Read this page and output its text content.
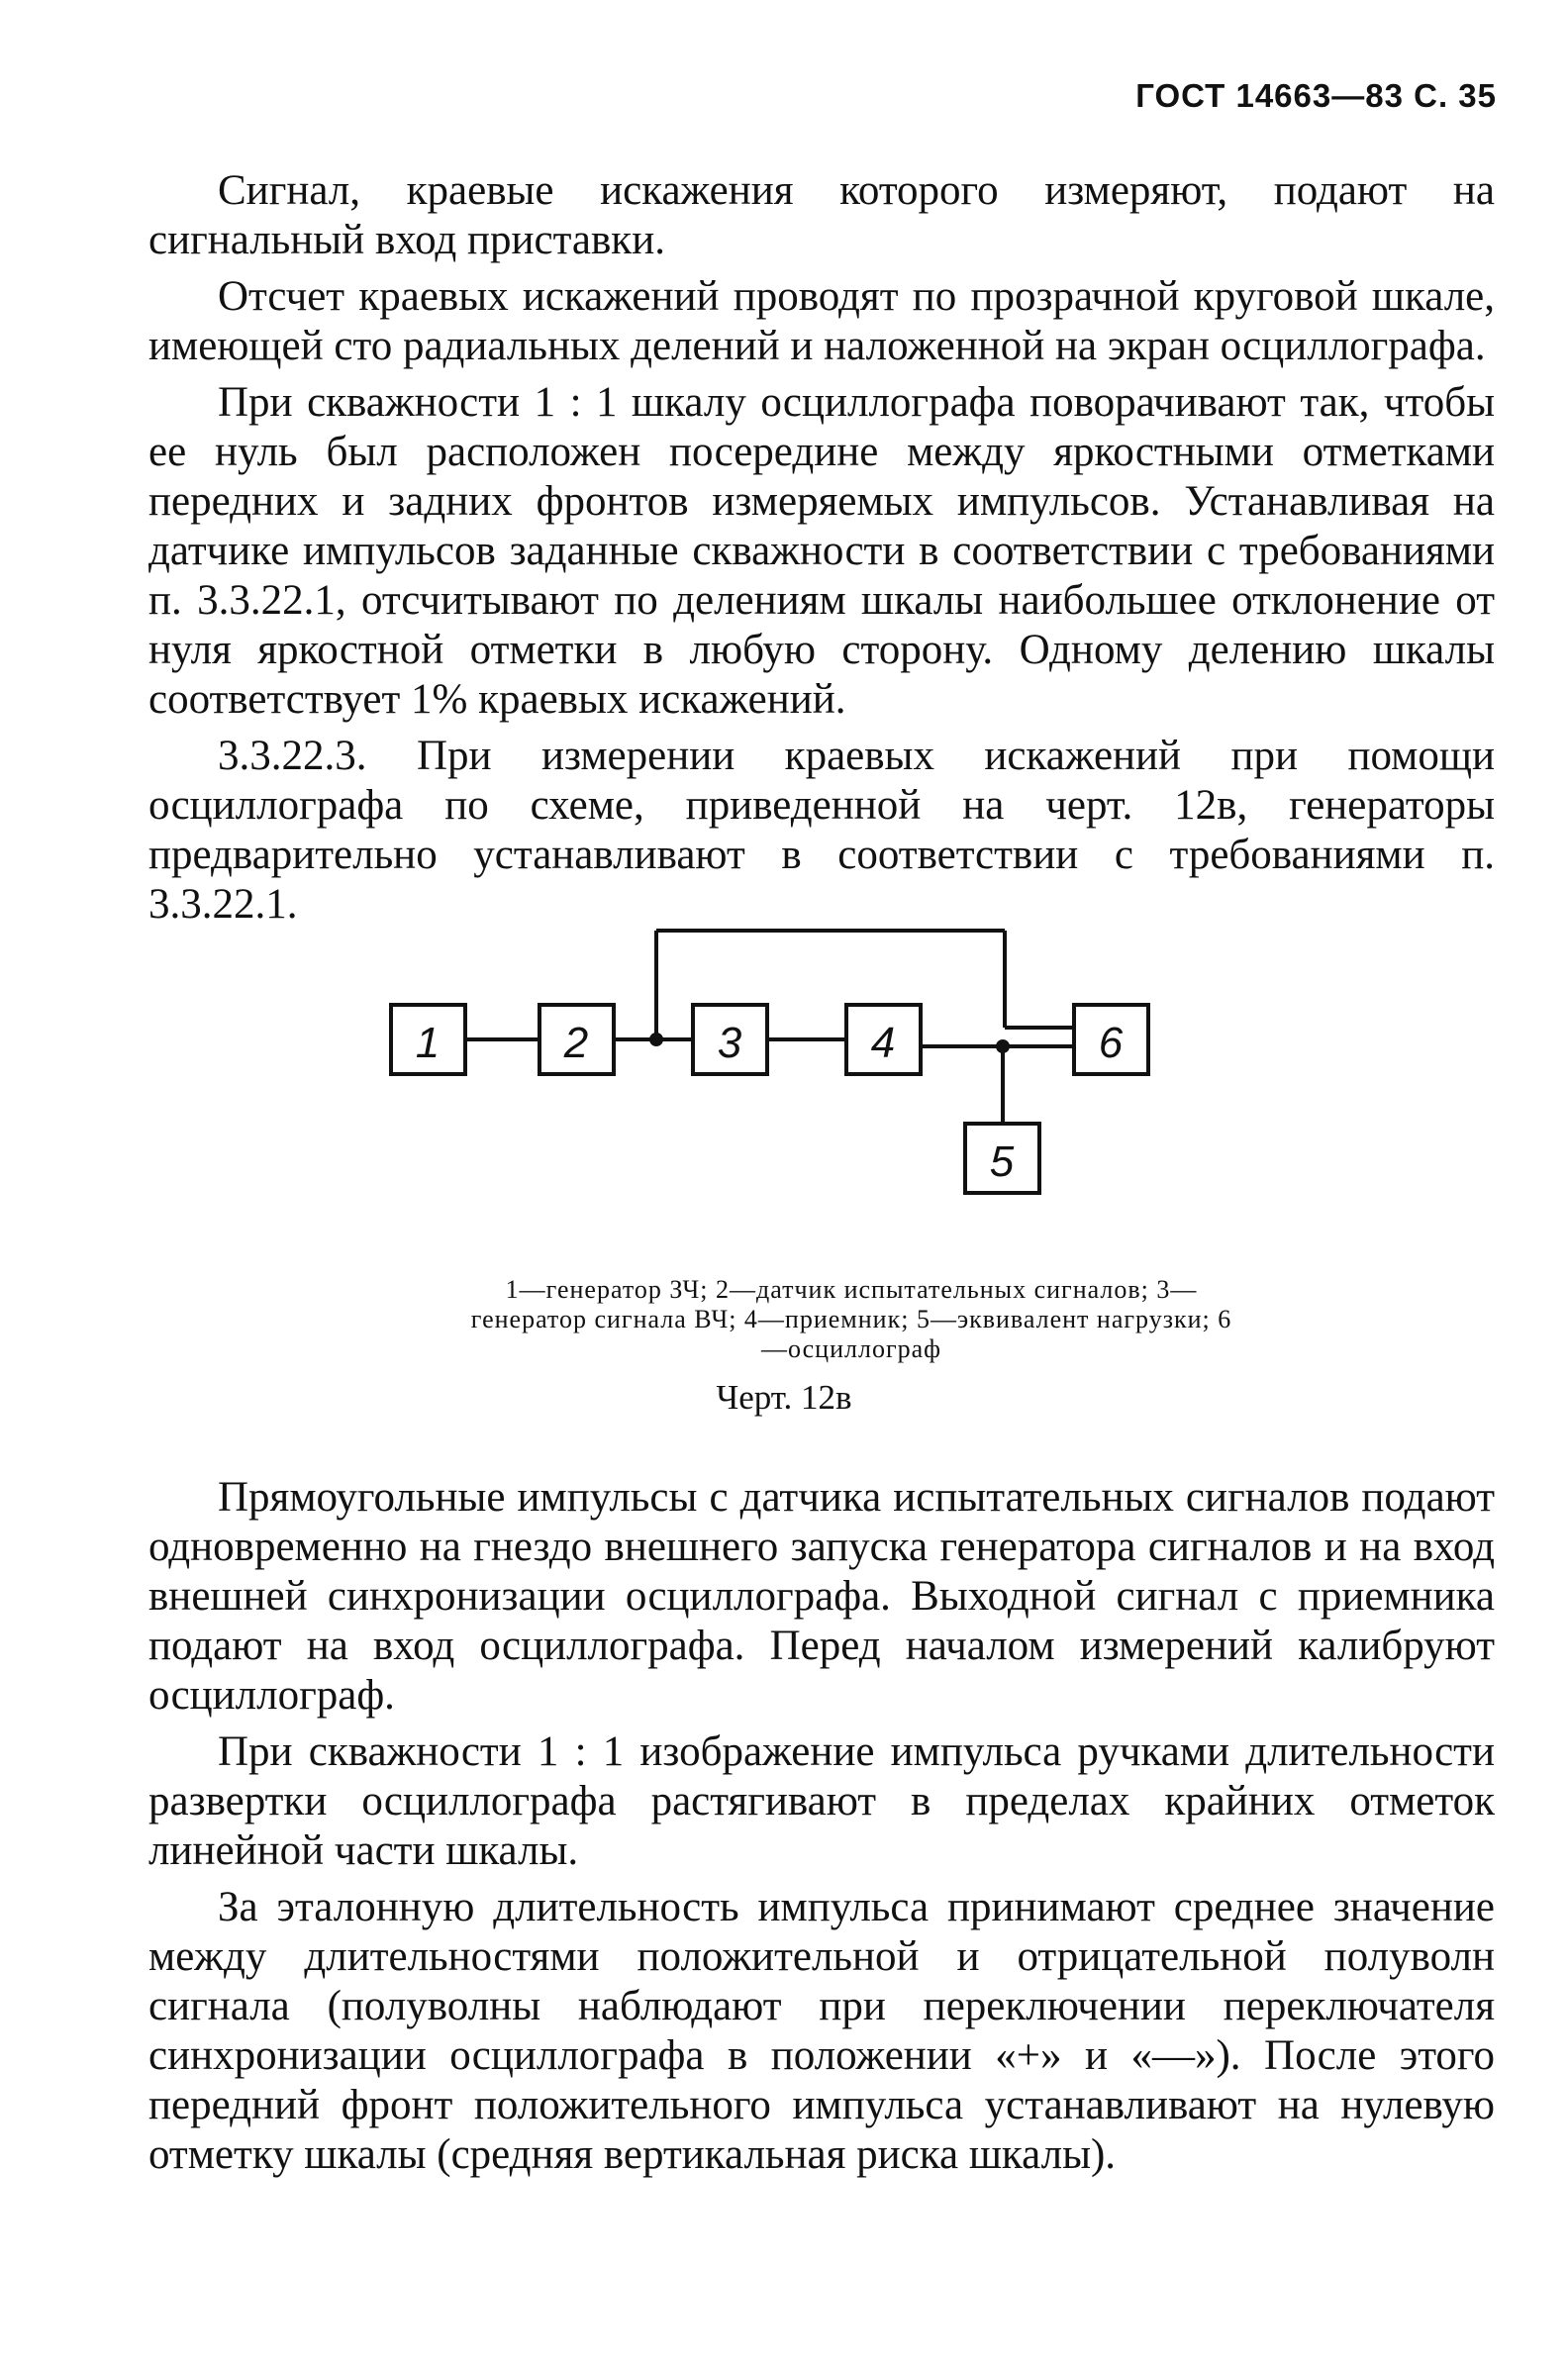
ГОСТ 14663—83 С. 35

Сигнал, краевые искажения которого измеряют, подают на сигнальный вход приставки.

Отсчет краевых искажений проводят по прозрачной круговой шкале, имеющей сто радиальных делений и наложенной на экран осциллографа.

При скважности 1 : 1 шкалу осциллографа поворачивают так, чтобы ее нуль был расположен посередине между яркостными отметками передних и задних фронтов измеряемых импульсов. Устанавливая на датчике импульсов заданные скважности в соответствии с требованиями п. 3.3.22.1, отсчитывают по делениям шкалы наибольшее отклонение от нуля яркостной отметки в любую сторону. Одному делению шкалы соответствует 1% краевых искажений.

3.3.22.3. При измерении краевых искажений при помощи осциллографа по схеме, приведенной на черт. 12в, генераторы предварительно устанавливают в соответствии с требованиями п. 3.3.22.1.

1	2	3	4
5
6
1—генератор ЗЧ; 2—датчик испытательных сигналов; 3—генератор сигнала ВЧ; 4—приемник; 5—эквивалент нагрузки; 6—осциллограф
Черт. 12в

Прямоугольные импульсы с датчика испытательных сигналов подают одновременно на гнездо внешнего запуска генератора сигналов и на вход внешней синхронизации осциллографа. Выходной сигнал с приемника подают на вход осциллографа. Перед началом измерений калибруют осциллограф.

При скважности 1 : 1 изображение импульса ручками длительности развертки осциллографа растягивают в пределах крайних отметок линейной части шкалы.

За эталонную длительность импульса принимают среднее значение между длительностями положительной и отрицательной полуволн сигнала (полуволны наблюдают при переключении переключателя синхронизации осциллографа в положении «+» и «—»). После этого передний фронт положительного импульса устанавливают на нулевую отметку шкалы (средняя вертикальная риска шкалы).
